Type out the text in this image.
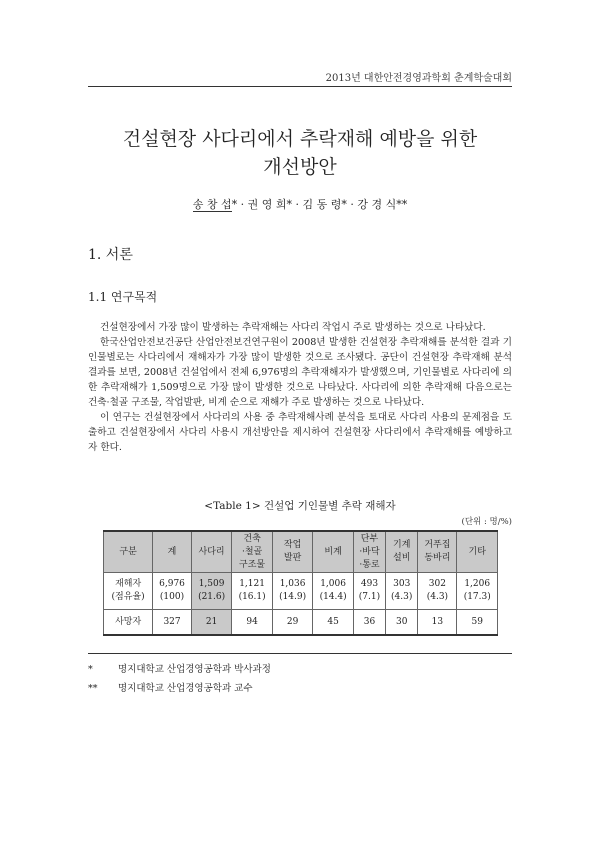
2013년 대한안전경영과학회 춘계학술대회
건설현장 사다리에서 추락재해 예방을 위한
개선방안
송 창 섭* · 권 영 희* · 김 동 령* · 강 경 식**
1. 서론
1.1 연구목적

건설현장에서 가장 많이 발생하는 추락재해는 사다리 작업시 주로 발생하는 것으로 나타났다.

한국산업안전보건공단 산업안전보건연구원이 2008년 발생한 건설현장 추락재해를 분석한 결과 기인물별로는 사다리에서 재해자가 가장 많이 발생한 것으로 조사됐다. 공단이 건설현장 추락재해 분석결과를 보면, 2008년 건설업에서 전체 6,976명의 추락재해자가 발생했으며, 기인물별로 사다리에 의한 추락재해가 1,509명으로 가장 많이 발생한 것으로 나타났다. 사다리에 의한 추락재해 다음으로는 건축·철골 구조물, 작업발판, 비계 순으로 재해가 주로 발생하는 것으로 나타났다.

이 연구는 건설현장에서 사다리의 사용 중 추락재해사례 분석을 토대로 사다리 사용의 문제점을 도출하고 건설현장에서 사다리 사용시 개선방안을 제시하여 건설현장 사다리에서 추락재해를 예방하고자 한다.

<Table 1> 건설업 기인물별 추락 재해자
(단위 : 명/%)
구분	계	사다리	건축
·철골
구조물	작업
발판	비계	단부
·바닥
·통로	기계
설비	거푸집
동바리	기타
재해자
(점유율)	6,976
(100)	1,509
(21.6)	1,121
(16.1)	1,036
(14.9)	1,006
(14.4)	493
(7.1)	303
(4.3)	302
(4.3)	1,206
(17.3)
사망자	327	21	94	29	45	36	30	13	59
*	명지대학교 산업경영공학과 박사과정
** 명지대학교 산업경영공학과 교수
